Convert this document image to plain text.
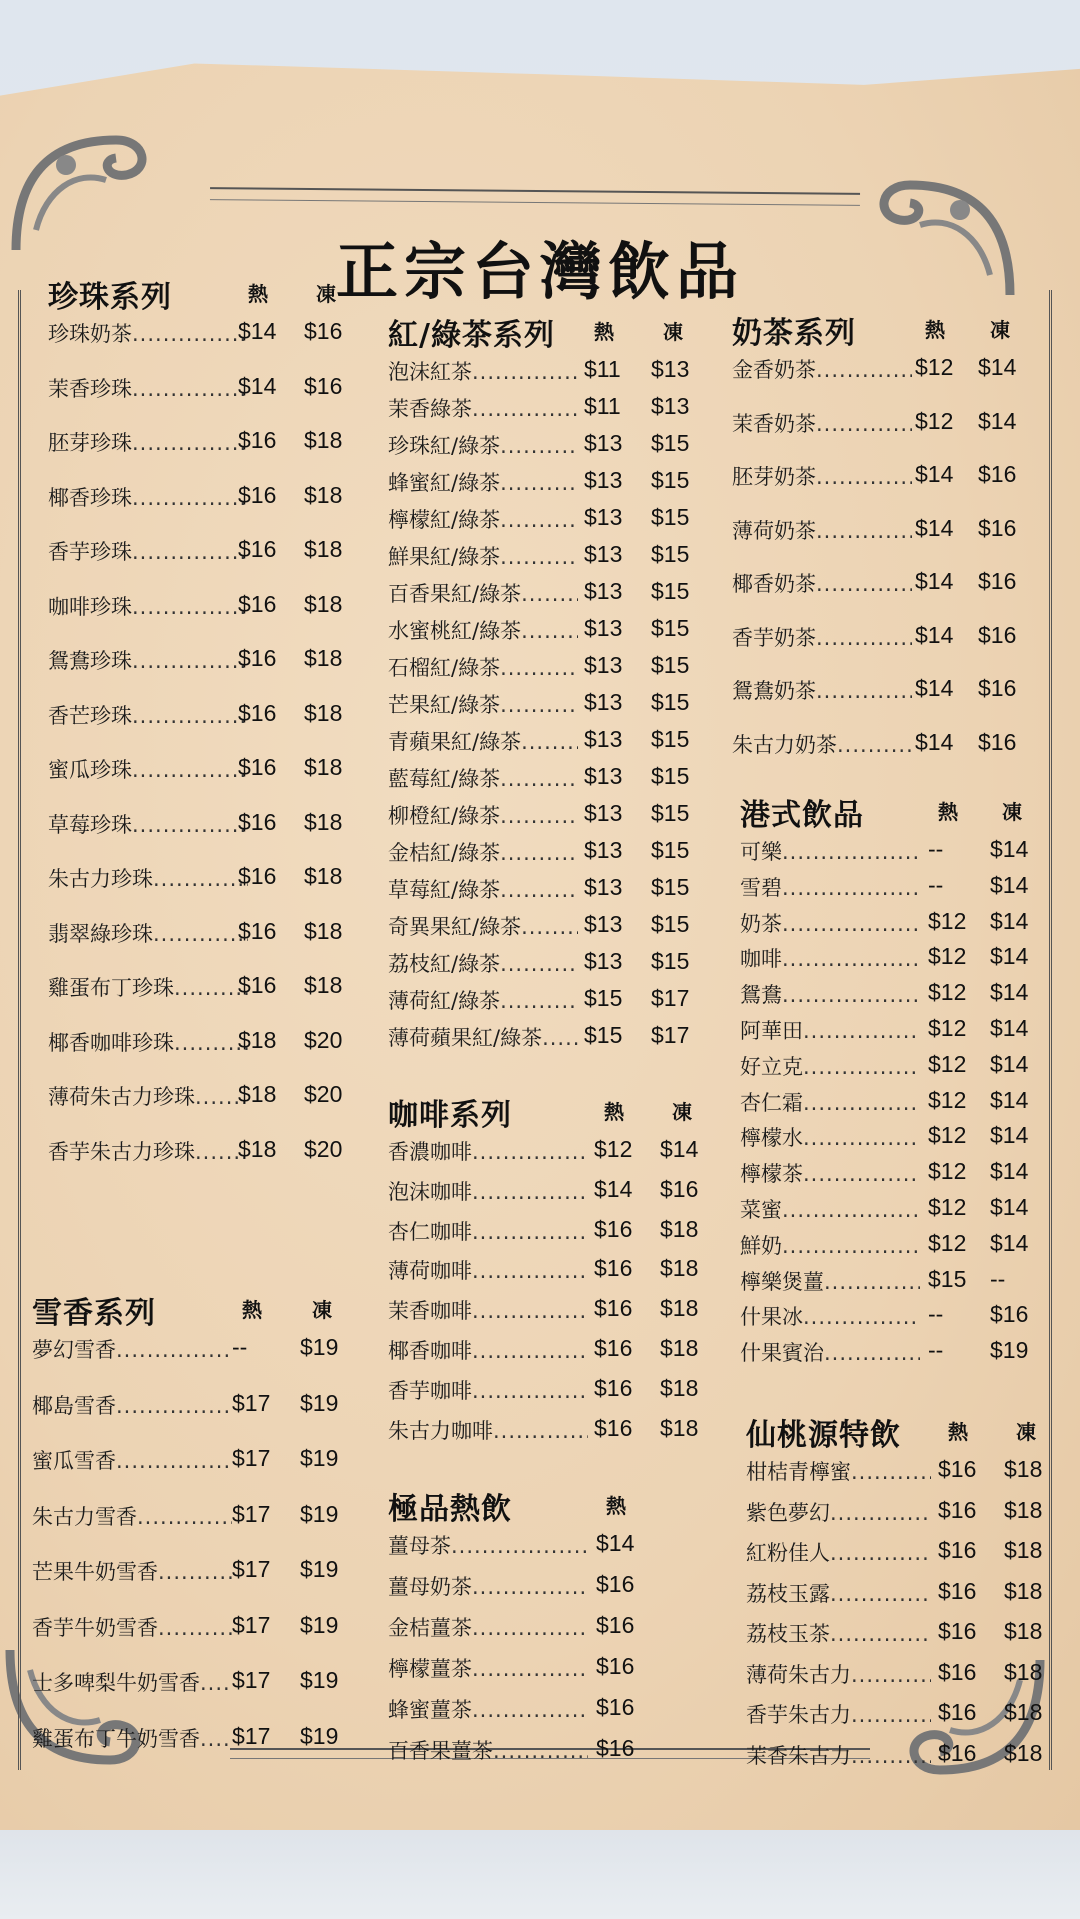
正宗台灣飲品
珍珠系列	熱 凍
珍珠奶茶 .....	$14 $16
茉香珍珠 .....	$14 $16
胚芽珍珠 .....	$16 $18
椰香珍珠 .....	$16 $18
香芋珍珠 .....	$16 $18
咖啡珍珠 .....	$16 $18
鴛鴦珍珠 .....	$16 $18
香芒珍珠 .....	$16 $18
蜜瓜珍珠 .....	$16 $18
草莓珍珠 .....	$16 $18
朱古力珍珠 .....	$16 $18
翡翠綠珍珠 .....	$16 $18
雞蛋布丁珍珠 .....	$16 $18
椰香咖啡珍珠 .....	$18 $20
薄荷朱古力珍珠 .....	$18 $20
香芋朱古力珍珠 .....	$18 $20
雪香系列	熱	凍
夢幻雪香 .....	-- $19
椰島雪香 .....	$17 $19
蜜瓜雪香 .....	$17 $19
朱古力雪香 .....	$17 $19
芒果牛奶雪香 .....	$17 $19
香芋牛奶雪香 .....	$17 $19
士多啤梨牛奶雪香 .....	$17 $19
雞蛋布丁牛奶雪香 .....	$17 $19
紅/綠茶系列 熱 凍
泡沫紅茶 .....	$11 $13
茉香綠茶 .....	$11 $13
珍珠紅/綠茶 .....	$13 $15
蜂蜜紅/綠茶 .....	$13 $15
檸檬紅/綠茶 .....	$13 $15
鮮果紅/綠茶 .....	$13 $15
百香果紅/綠茶 .....	$13 $15
水蜜桃紅/綠茶 .....	$13 $15
石榴紅/綠茶 .....	$13 $15
芒果紅/綠茶 .....	$13 $15
青蘋果紅/綠茶 .....	$13 $15
藍莓紅/綠茶 .....	$13 $15
柳橙紅/綠茶 .....	$13 $15
金桔紅/綠茶 .....	$13 $15
草莓紅/綠茶 .....	$13 $15
奇異果紅/綠茶 .....	$13 $15
荔枝紅/綠茶 .....	$13 $15
薄荷紅/綠茶 .....	$15 $17
薄荷蘋果紅/綠茶 .....	$15 $17
咖啡系列	熱 凍
香濃咖啡 .....	$12 $14
泡沫咖啡 .....	$14 $16
杏仁咖啡 .....	$16 $18
薄荷咖啡 .....	$16 $18
茉香咖啡 .....	$16 $18
椰香咖啡 .....	$16 $18
香芋咖啡 .....	$16 $18
朱古力咖啡 .....	$16 $18
極品熱飲	熱
薑母茶 .....	$14
薑母奶茶 .....	$16
金桔薑茶 .....	$16
檸檬薑茶 .....	$16
蜂蜜薑茶 .....	$16
百香果薑茶 .....	$16
奶茶系列	熱 凍
金香奶茶 .....	$12 $14
茉香奶茶 .....	$12 $14
胚芽奶茶 .....	$14 $16
薄荷奶茶 .....	$14 $16
椰香奶茶 .....	$14 $16
香芋奶茶 .....	$14 $16
鴛鴦奶茶 .....	$14 $16
朱古力奶茶 .....	$14 $16
港式飲品	熱 凍
可樂 .....	-- $14
雪碧 .....	-- $14
奶茶 .....	$12 $14
咖啡 .....	$12 $14
鴛鴦 .....	$12 $14
阿華田 .....	$12 $14
好立克 .....	$12 $14
杏仁霜 .....	$12 $14
檸檬水 .....	$12 $14
檸檬茶 .....	$12 $14
菜蜜 .....	$12 $14
鮮奶 .....	$12 $14
檸樂煲薑 .....	$15 --
什果冰 .....	-- $16
什果賓治 .....	-- $19
仙桃源特飲 熱 凍
柑桔青檸蜜 .....	$16 $18
紫色夢幻 .....	$16 $18
紅粉佳人 .....	$16 $18
荔枝玉露 .....	$16 $18
荔枝玉茶 .....	$16 $18
薄荷朱古力 .....	$16 $18
香芋朱古力 .....	$16 $18
茉香朱古力 .....	$16 $18
